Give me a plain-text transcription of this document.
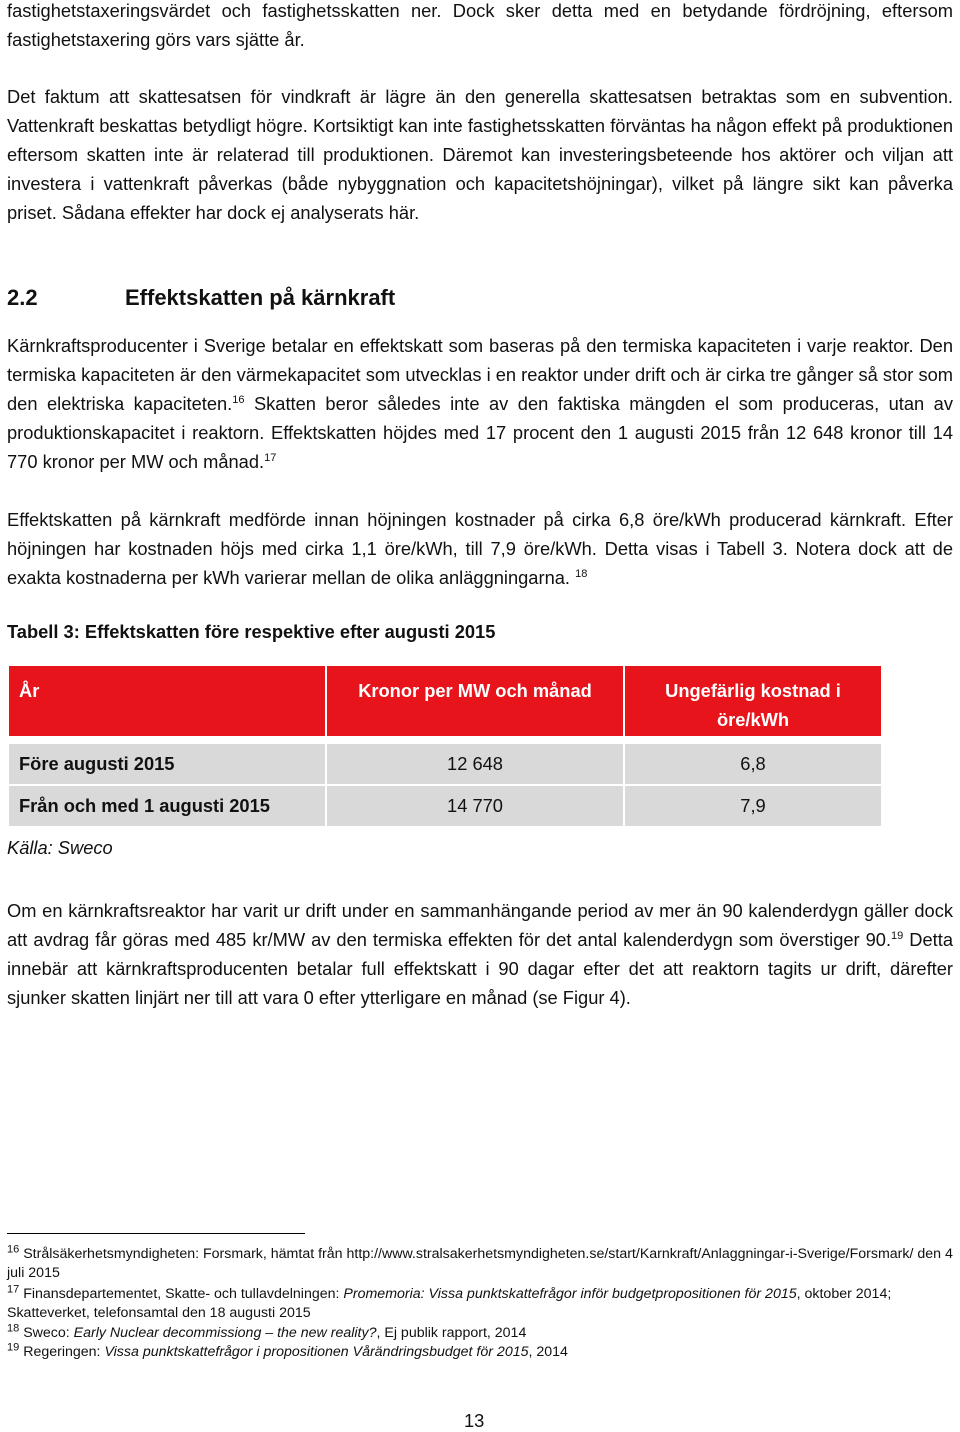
fastighetstaxeringsvärdet och fastighetsskatten ner. Dock sker detta med en betydande fördröjning, eftersom fastighetstaxering görs vars sjätte år.

Det faktum att skattesatsen för vindkraft är lägre än den generella skattesatsen betraktas som en subvention. Vattenkraft beskattas betydligt högre. Kortsiktigt kan inte fastighetsskatten förväntas ha någon effekt på produktionen eftersom skatten inte är relaterad till produktionen. Däremot kan investeringsbeteende hos aktörer och viljan att investera i vattenkraft påverkas (både nybyggnation och kapacitetshöjningar), vilket på längre sikt kan påverka priset. Sådana effekter har dock ej analyserats här.

2.2	Effektskatten på kärnkraft

Kärnkraftsproducenter i Sverige betalar en effektskatt som baseras på den termiska kapaciteten i varje reaktor. Den termiska kapaciteten är den värmekapacitet som utvecklas i en reaktor under drift och är cirka tre gånger så stor som den elektriska kapaciteten.$^{16}$ Skatten beror således inte av den faktiska mängden el som produceras, utan av produktionskapacitet i reaktorn. Effektskatten höjdes med 17 procent den 1 augusti 2015 från 12 648 kronor till 14 770 kronor per MW och månad.$^{17}$

Effektskatten på kärnkraft medförde innan höjningen kostnader på cirka 6,8 öre/kWh producerad kärnkraft. Efter höjningen har kostnaden höjs med cirka 1,1 öre/kWh, till 7,9 öre/kWh. Detta visas i Tabell 3. Notera dock att de exakta kostnaderna per kWh varierar mellan de olika anläggningarna. $^{18}$

Tabell 3: Effektskatten före respektive efter augusti 2015
År	Kronor per MW och månad	Ungefärlig kostnad i öre/kWh

Före augusti 2015	12 648	6,8
Från och med 1 augusti 2015	14 770	7,9
Källa: Sweco

Om en kärnkraftsreaktor har varit ur drift under en sammanhängande period av mer än 90 kalenderdygn gäller dock att avdrag får göras med 485 kr/MW av den termiska effekten för det antal kalenderdygn som överstiger 90.19 Detta innebär att kärnkraftsproducenten betalar full effektskatt i 90 dagar efter det att reaktorn tagits ur drift, därefter sjunker skatten linjärt ner till att vara 0 efter ytterligare en månad (se Figur 4).

$^{16}$ Strålsäkerhetsmyndigheten: Forsmark, hämtat från http://www.stralsakerhetsmyndigheten.se/start/Karnkraft/Anlaggningar-i-Sverige/Forsmark/ den 4 juli 2015
$^{17}$ Finansdepartementet, Skatte- och tullavdelningen: Promemoria: Vissa punktskattefrågor inför budgetpropositionen för 2015, oktober 2014; Skatteverket, telefonsamtal den 18 augusti 2015
$^{18}$ Sweco: Early Nuclear decommissiong – the new reality?, Ej publik rapport, 2014
$^{19}$ Regeringen: Vissa punktskattefrågor i propositionen Vårändringsbudget för 2015, 2014
13
